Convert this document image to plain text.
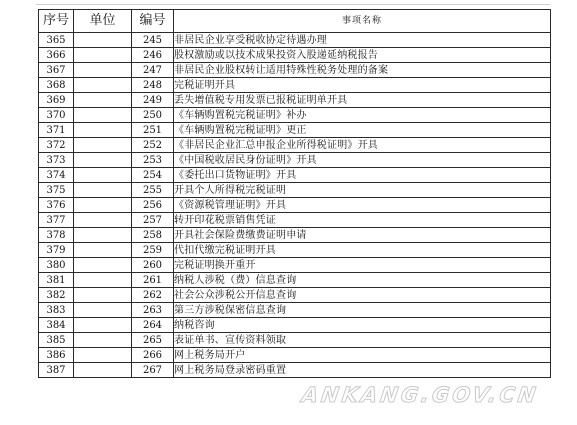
序号	单位	编号	事项名称
365		245	非居民企业享受税收协定待遇办理
366		246	股权激励或以技术成果投资入股递延纳税报告
367		247	非居民企业股权转让适用特殊性税务处理的备案
368		248	完税证明开具
369		249	丢失增值税专用发票已报税证明单开具
370		250	《车辆购置税完税证明》补办
371		251	《车辆购置税完税证明》更正
372		252	《非居民企业汇总申报企业所得税证明》开具
373		253	《中国税收居民身份证明》开具
374		254	《委托出口货物证明》开具
375		255	开具个人所得税完税证明
376		256	《资源税管理证明》开具
377		257	转开印花税票销售凭证
378		258	开具社会保险费缴费证明申请
379		259	代扣代缴完税证明开具
380		260	完税证明换开重开
381		261	纳税人涉税（费）信息查询
382		262	社会公众涉税公开信息查询
383		263	第三方涉税保密信息查询
384		264	纳税咨询
385		265	表证单书、宣传资料领取
386		266	网上税务局开户
387		267	网上税务局登录密码重置
ANKANG.GOV.CN
